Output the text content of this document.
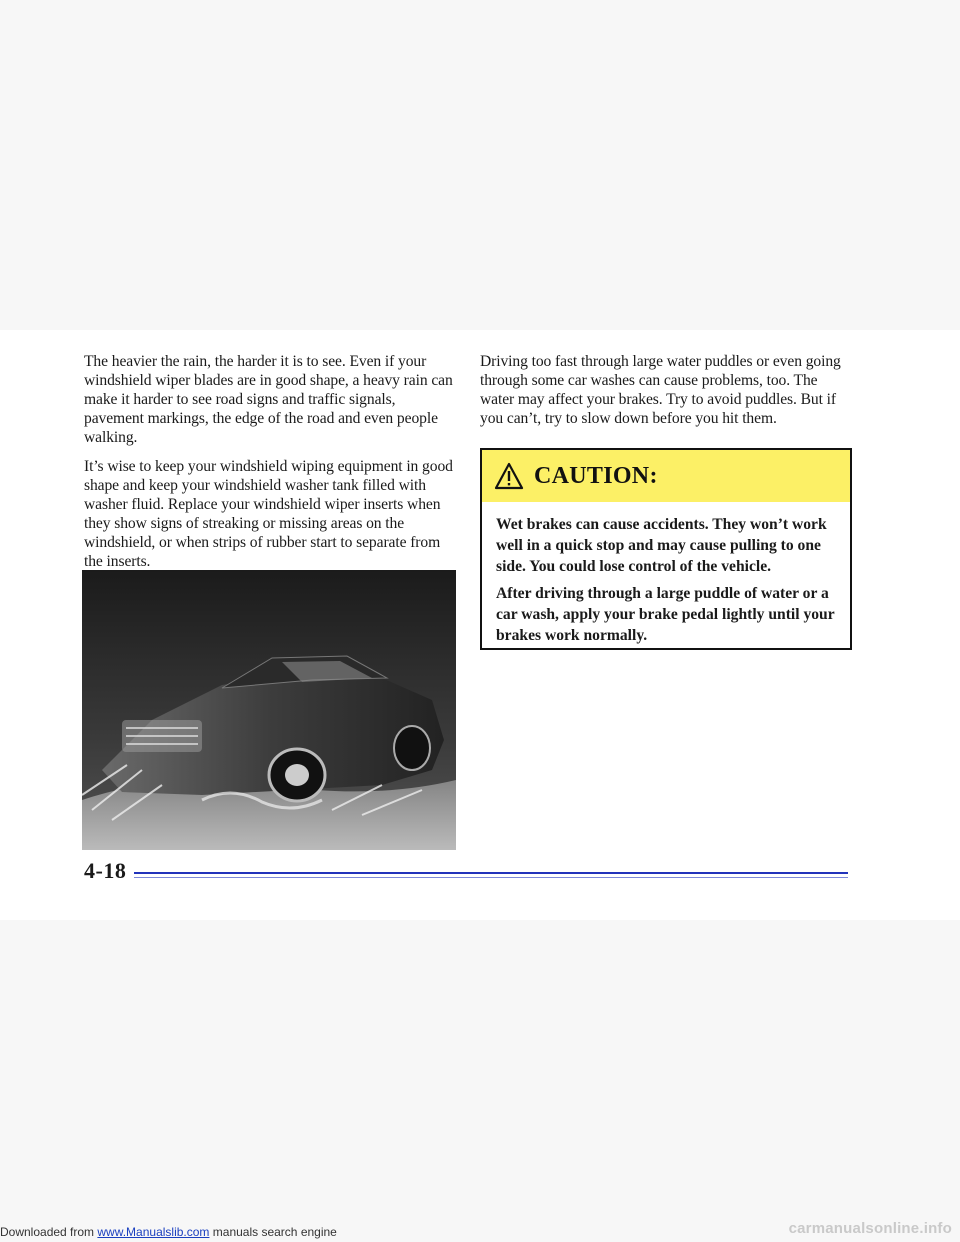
The heavier the rain, the harder it is to see. Even if your windshield wiper blades are in good shape, a heavy rain can make it harder to see road signs and traffic signals, pavement markings, the edge of the road and even people walking.

It’s wise to keep your windshield wiping equipment in good shape and keep your windshield washer tank filled with washer fluid. Replace your windshield wiper inserts when they show signs of streaking or missing areas on the windshield, or when strips of rubber start to separate from the inserts.

Driving too fast through large water puddles or even going through some car washes can cause problems, too. The water may affect your brakes. Try to avoid puddles. But if you can’t, try to slow down before you hit them.

CAUTION:

Wet brakes can cause accidents. They won’t work well in a quick stop and may cause pulling to one side. You could lose control of the vehicle.

After driving through a large puddle of water or a car wash, apply your brake pedal lightly until your brakes work normally.

4-18
Downloaded from www.Manualslib.com manuals search engine	carmanualsonline.info
